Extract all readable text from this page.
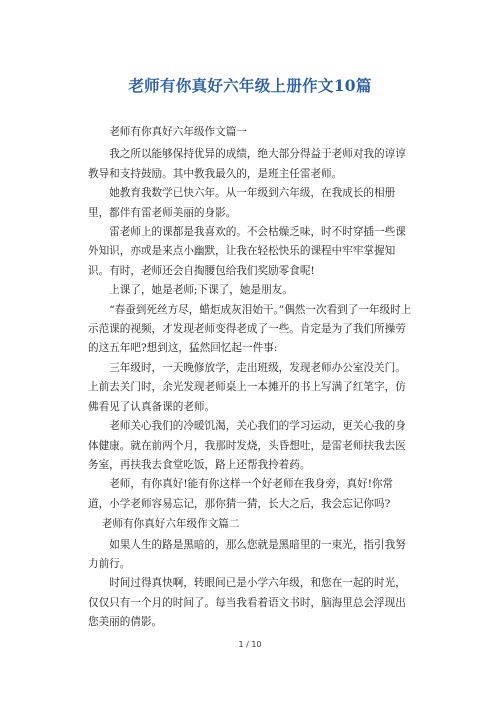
老师有你真好六年级上册作文10篇

老师有你真好六年级作文篇一

我之所以能够保持优异的成绩，绝大部分得益于老师对我的谆谆教导和支持鼓励。其中教我最久的，是班主任雷老师。

她教育我数学已快六年。从一年级到六年级，在我成长的相册里，都伴有雷老师美丽的身影。

雷老师上的课都是我喜欢的。不会枯燥乏味，时不时穿插一些课外知识，亦或是来点小幽默，让我在轻松快乐的课程中牢牢掌握知识。有时，老师还会自掏腰包给我们奖励零食呢!

上课了，她是老师;下课了，她是朋友。

“春蚕到死丝方尽，蜡炬成灰泪始干。”偶然一次看到了一年级时上示范课的视频，才发现老师变得老成了一些。肯定是为了我们所操劳的这五年吧?想到这，猛然回忆起一件事:

三年级时，一天晚修放学，走出班级，发现老师办公室没关门。上前去关门时，余光发现老师桌上一本摊开的书上写满了红笔字，仿佛看见了认真备课的老师。

老师关心我们的冷暖饥渴，关心我们的学习运动，更关心我的身体健康。就在前两个月，我那时发烧，头昏想吐，是雷老师扶我去医务室，再扶我去食堂吃饭，路上还帮我拎着药。

老师，有你真好!能有你这样一个好老师在我身旁，真好!你常道，小学老师容易忘记，那你猜一猜，长大之后，我会忘记你吗?

老师有你真好六年级作文篇二

如果人生的路是黑暗的，那么您就是黑暗里的一束光，指引我努力前行。

时间过得真快啊，转眼间已是小学六年级，和您在一起的时光，仅仅只有一个月的时间了。每当我看着语文书时，脑海里总会浮现出您美丽的倩影。

1 / 10
